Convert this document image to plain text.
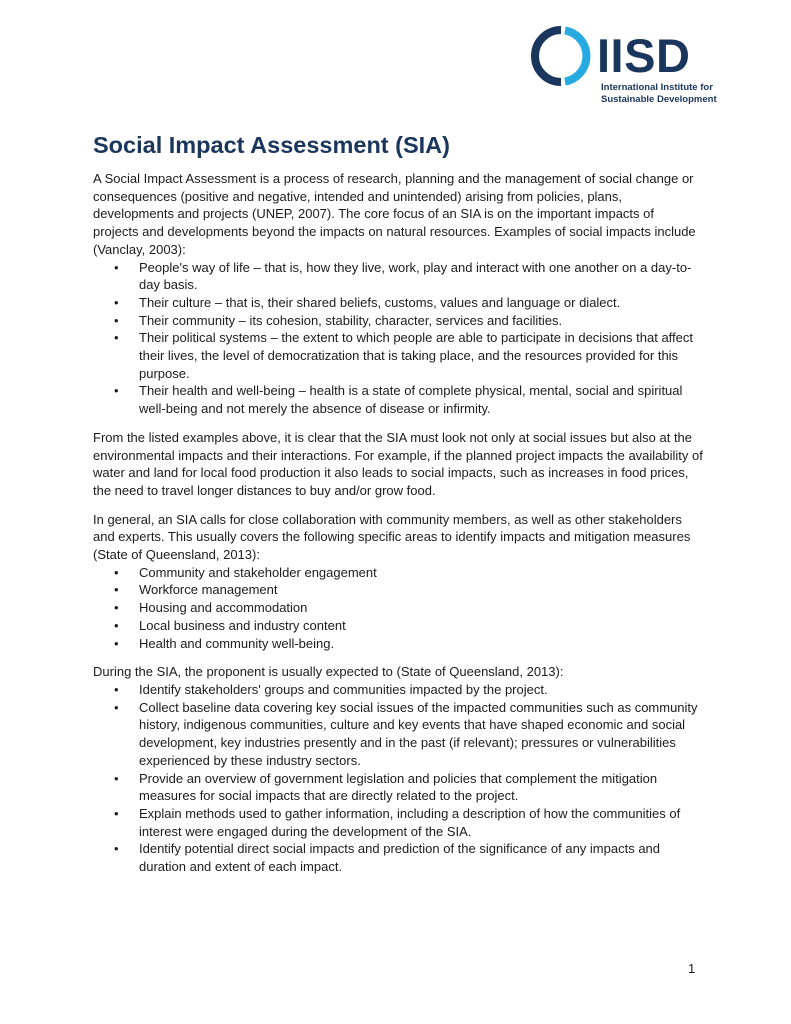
IISD
International Institute for
Sustainable Development
Social Impact Assessment (SIA)

A Social Impact Assessment is a process of research, planning and the management of social change or consequences (positive and negative, intended and unintended) arising from policies, plans, developments and projects (UNEP, 2007). The core focus of an SIA is on the important impacts of projects and developments beyond the impacts on natural resources. Examples of social impacts include (Vanclay, 2003):

• People's way of life – that is, how they live, work, play and interact with one another on a day-to-day basis.
• Their culture – that is, their shared beliefs, customs, values and language or dialect.
• Their community – its cohesion, stability, character, services and facilities.
• Their political systems – the extent to which people are able to participate in decisions that affect their lives, the level of democratization that is taking place, and the resources provided for this purpose.
• Their health and well-being – health is a state of complete physical, mental, social and spiritual well-being and not merely the absence of disease or infirmity.

From the listed examples above, it is clear that the SIA must look not only at social issues but also at the environmental impacts and their interactions. For example, if the planned project impacts the availability of water and land for local food production it also leads to social impacts, such as increases in food prices, the need to travel longer distances to buy and/or grow food.

In general, an SIA calls for close collaboration with community members, as well as other stakeholders and experts. This usually covers the following specific areas to identify impacts and mitigation measures (State of Queensland, 2013):

• Community and stakeholder engagement
• Workforce management
• Housing and accommodation
• Local business and industry content
• Health and community well-being.

During the SIA, the proponent is usually expected to (State of Queensland, 2013):

• Identify stakeholders' groups and communities impacted by the project.
• Collect baseline data covering key social issues of the impacted communities such as community history, indigenous communities, culture and key events that have shaped economic and social development, key industries presently and in the past (if relevant); pressures or vulnerabilities experienced by these industry sectors.
• Provide an overview of government legislation and policies that complement the mitigation measures for social impacts that are directly related to the project.
• Explain methods used to gather information, including a description of how the communities of interest were engaged during the development of the SIA.
• Identify potential direct social impacts and prediction of the significance of any impacts and duration and extent of each impact.
1
